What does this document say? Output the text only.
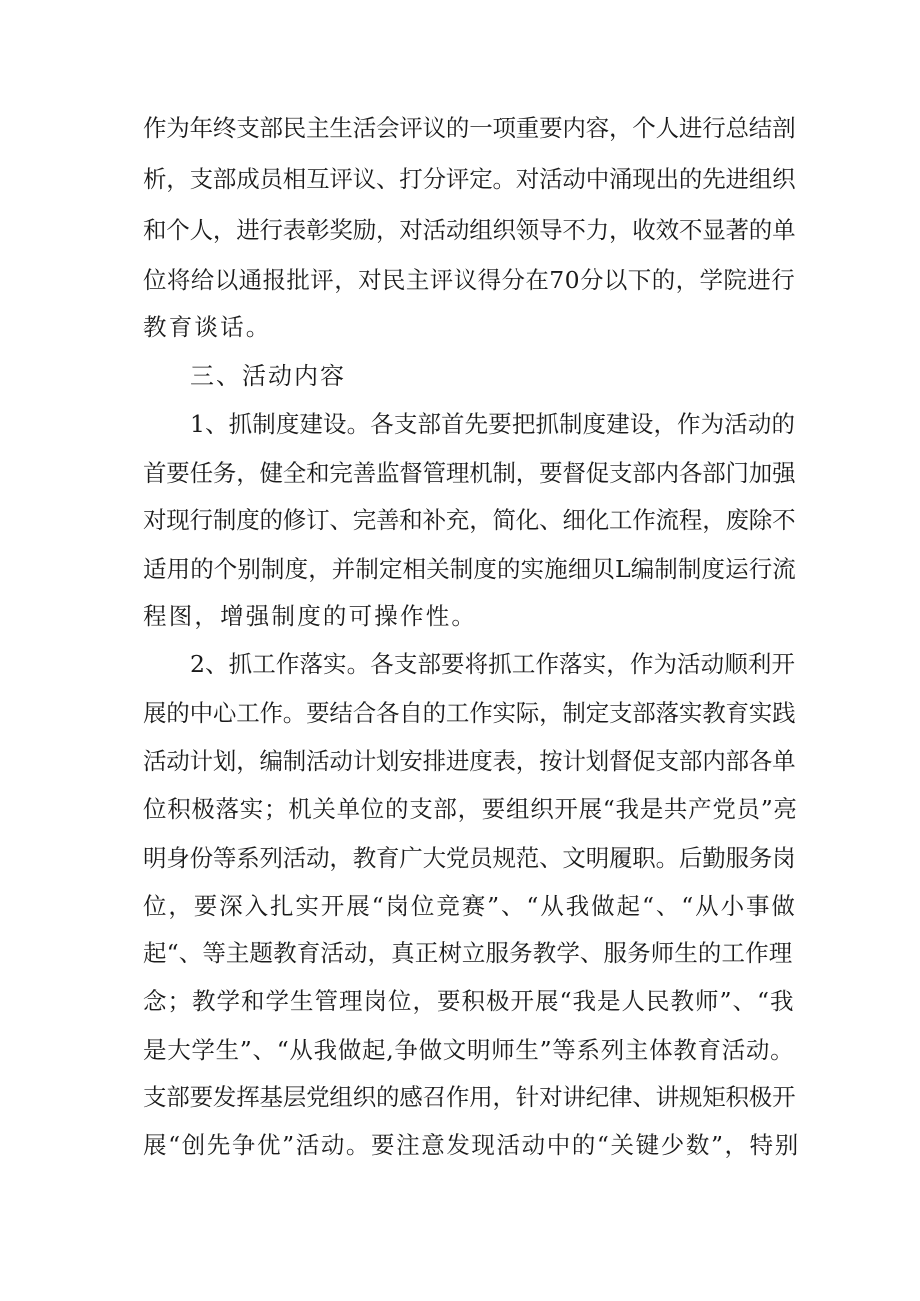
作为年终支部民主生活会评议的一项重要内容，个人进行总结剖
析，支部成员相互评议、打分评定。对活动中涌现出的先进组织
和个人，进行表彰奖励，对活动组织领导不力，收效不显著的单
位将给以通报批评，对民主评议得分在70分以下的，学院进行
教育谈话。
三、活动内容
1、抓制度建设。各支部首先要把抓制度建设，作为活动的
首要任务，健全和完善监督管理机制，要督促支部内各部门加强
对现行制度的修订、完善和补充，简化、细化工作流程，废除不
适用的个别制度，并制定相关制度的实施细贝L编制制度运行流
程图，增强制度的可操作性。
2、抓工作落实。各支部要将抓工作落实，作为活动顺利开
展的中心工作。要结合各自的工作实际，制定支部落实教育实践
活动计划，编制活动计划安排进度表，按计划督促支部内部各单
位积极落实；机关单位的支部，要组织开展“我是共产党员”亮
明身份等系列活动，教育广大党员规范、文明履职。后勤服务岗
位，要深入扎实开展“岗位竞赛”、“从我做起“、“从小事做
起“、等主题教育活动，真正树立服务教学、服务师生的工作理
念；教学和学生管理岗位，要积极开展“我是人民教师”、“我
是大学生”、“从我做起,争做文明师生”等系列主体教育活动。
支部要发挥基层党组织的感召作用，针对讲纪律、讲规矩积极开
展“创先争优”活动。要注意发现活动中的“关键少数”，特别
